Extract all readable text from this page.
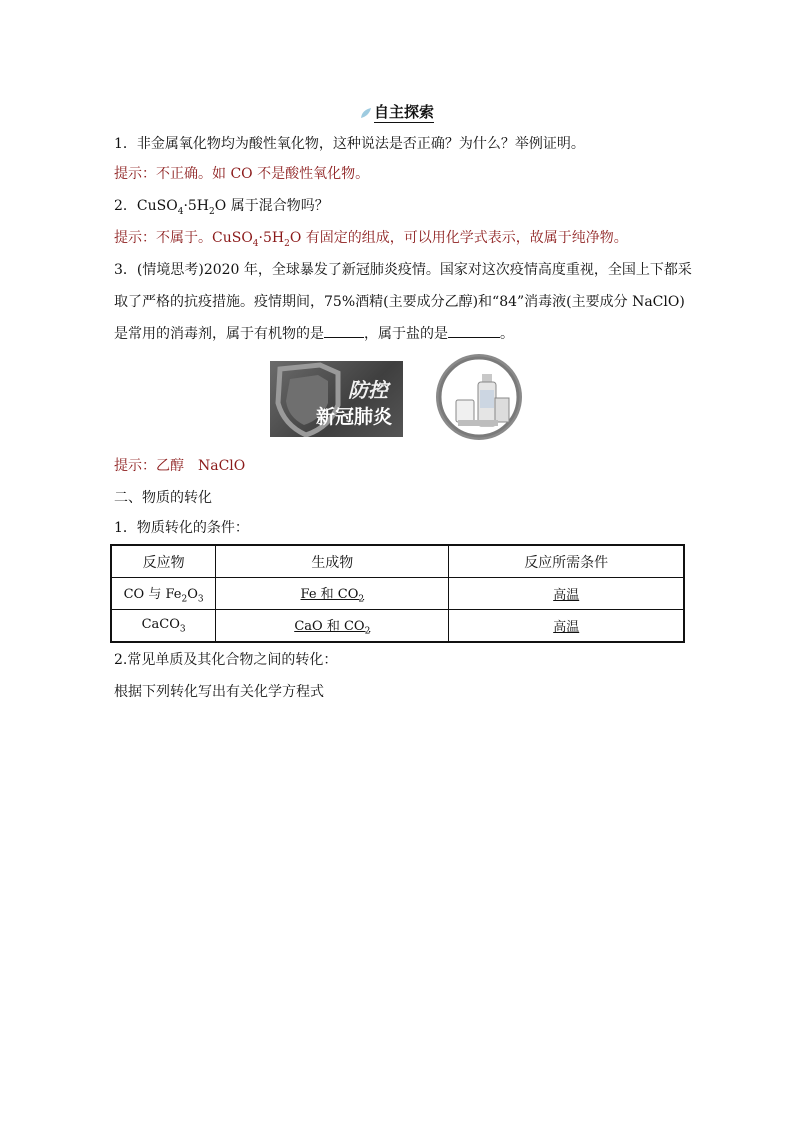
自主探索
1．非金属氧化物均为酸性氧化物，这种说法是否正确？为什么？举例证明。
提示：不正确。如 CO 不是酸性氧化物。
2．$CuSO_4\cdot 5H_2O$ 属于混合物吗？
提示：不属于。$CuSO_4\cdot 5H_2O$ 有固定的组成，可以用化学式表示，故属于纯净物。
3．(情境思考)2020 年，全球暴发了新冠肺炎疫情。国家对这次疫情高度重视，全国上下都采
取了严格的抗疫措施。疫情期间，75%酒精(主要成分乙醇)和“84”消毒液(主要成分 NaClO)
是常用的消毒剂，属于有机物的是	，属于盐的是	。
防控
新冠肺炎
提示：乙醇　NaClO
二、物质的转化
1．物质转化的条件：
反应物	生成物	反应所需条件
CO 与 $Fe_2O_3$	Fe 和 $CO_2$	高温
CaCO$_3$	CaO 和 $CO_2$	高温
2.常见单质及其化合物之间的转化：
根据下列转化写出有关化学方程式
